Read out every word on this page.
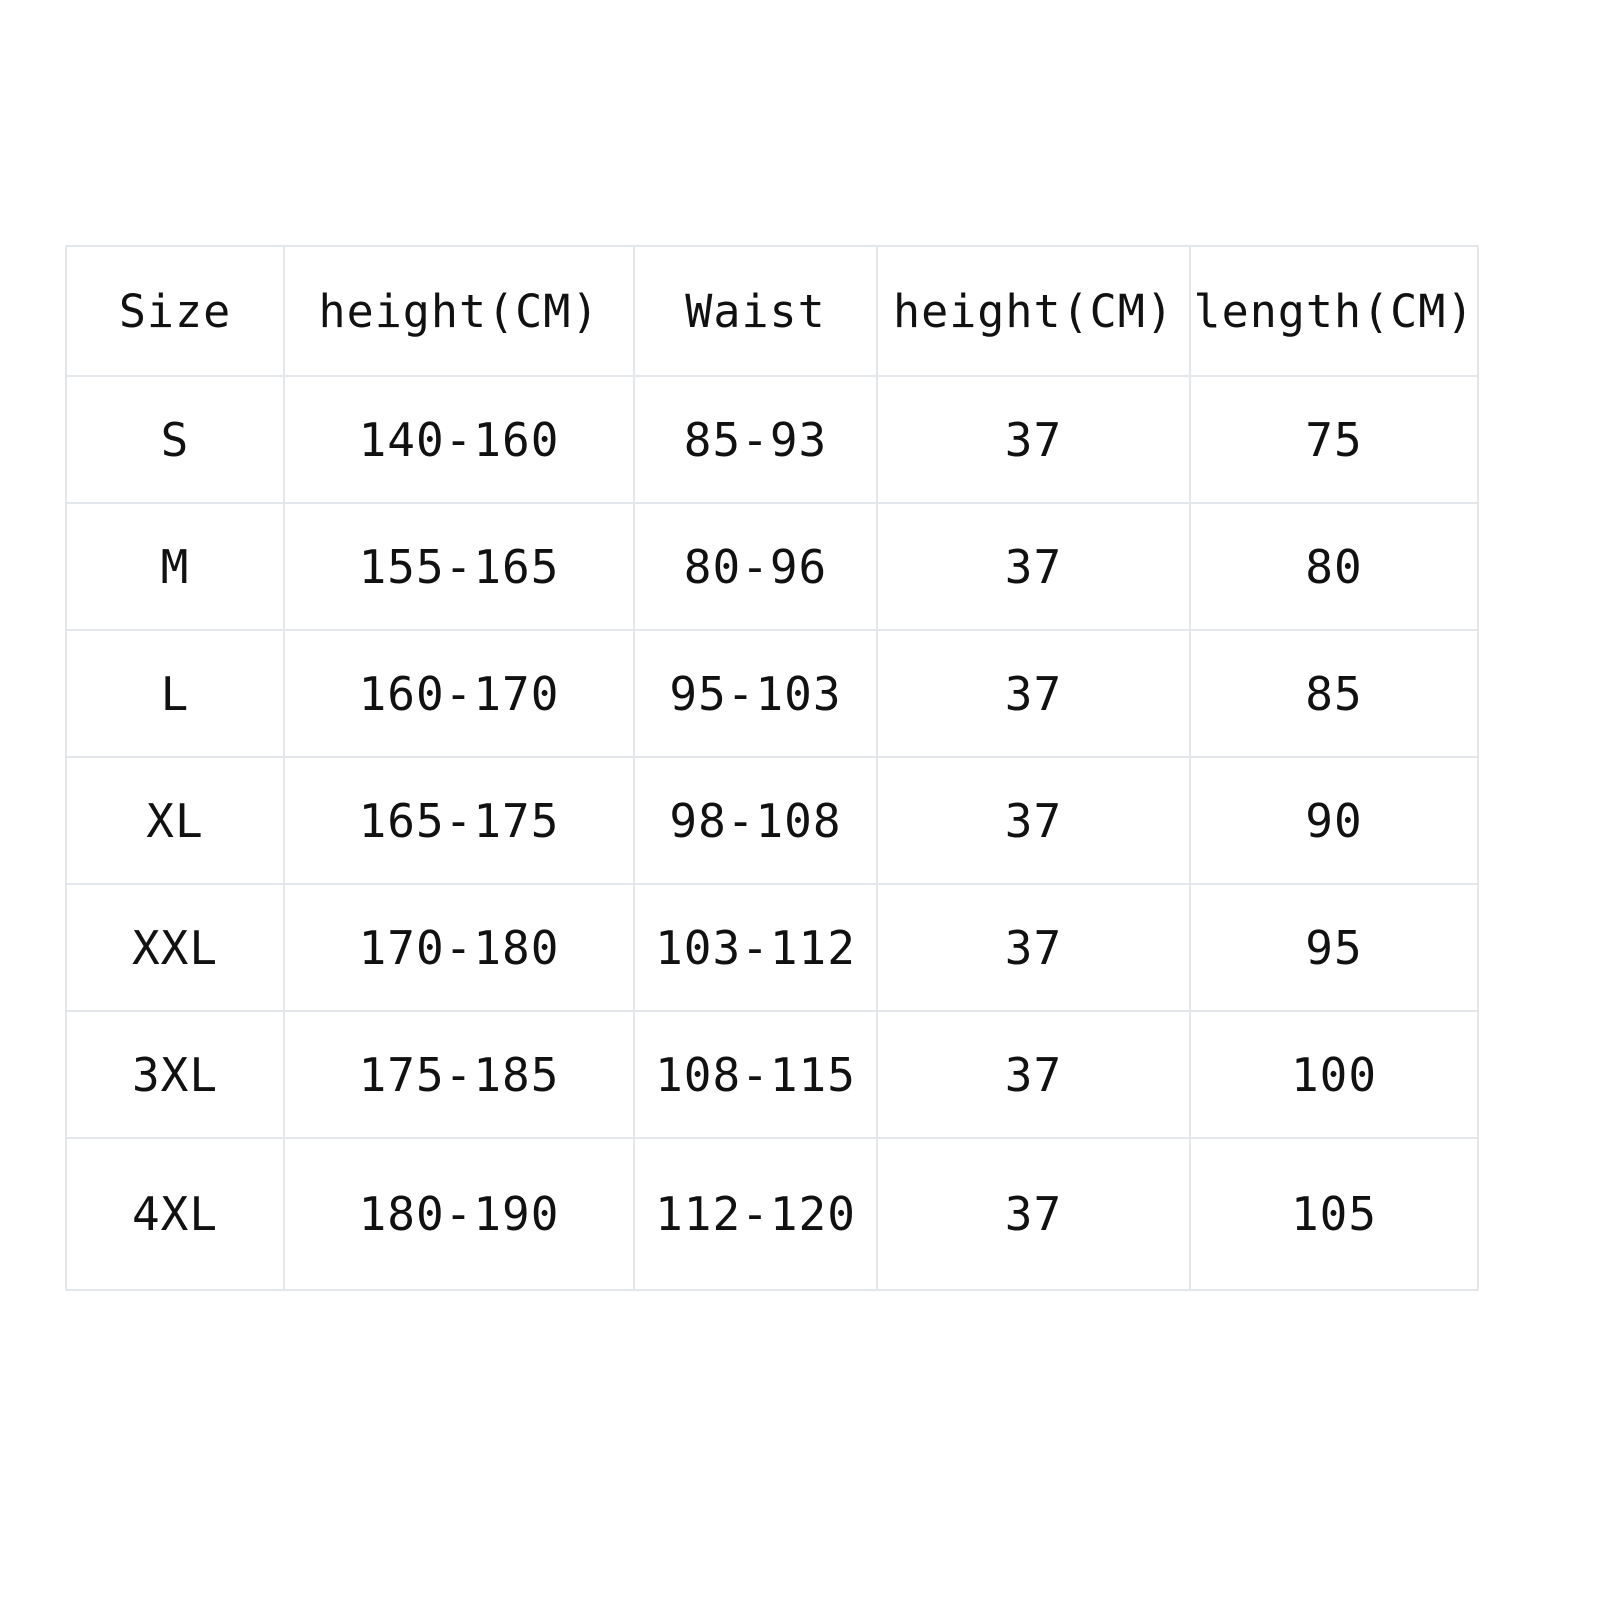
Size	height(CM)	Waist	height(CM)	length(CM)
S	140-160	85-93	37	75
M	155-165	80-96	37	80
L	160-170	95-103	37	85
XL	165-175	98-108	37	90
XXL	170-180	103-112	37	95
3XL	175-185	108-115	37	100
4XL	180-190	112-120	37	105
